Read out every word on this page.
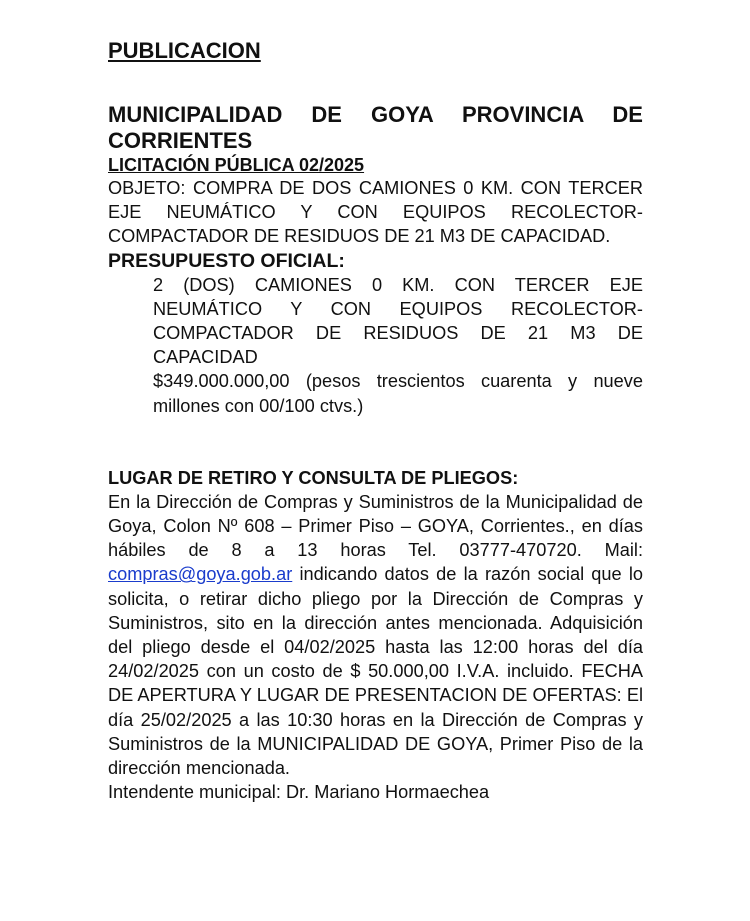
PUBLICACION

MUNICIPALIDAD DE GOYA PROVINCIA DE CORRIENTES

LICITACIÓN PÚBLICA 02/2025

OBJETO: COMPRA DE DOS CAMIONES 0 KM. CON TERCER EJE NEUMÁTICO Y CON EQUIPOS RECOLECTOR-COMPACTADOR DE RESIDUOS DE 21 M3 DE CAPACIDAD.

PRESUPUESTO OFICIAL:

2 (DOS) CAMIONES 0 KM. CON TERCER EJE NEUMÁTICO Y CON EQUIPOS RECOLECTOR-COMPACTADOR DE RESIDUOS DE 21 M3 DE CAPACIDAD

$349.000.000,00 (pesos trescientos cuarenta y nueve millones con 00/100 ctvs.)

LUGAR DE RETIRO Y CONSULTA DE PLIEGOS:

En la Dirección de Compras y Suministros de la Municipalidad de Goya, Colon Nº 608 – Primer Piso – GOYA, Corrientes., en días hábiles de 8 a 13 horas Tel. 03777-470720. Mail: compras@goya.gob.ar indicando datos de la razón social que lo solicita, o retirar dicho pliego por la Dirección de Compras y Suministros, sito en la dirección antes mencionada. Adquisición del pliego desde el 04/02/2025 hasta las 12:00 horas del día 24/02/2025 con un costo de $ 50.000,00 I.V.A. incluido. FECHA DE APERTURA Y LUGAR DE PRESENTACION DE OFERTAS: El día 25/02/2025 a las 10:30 horas en la Dirección de Compras y Suministros de la MUNICIPALIDAD DE GOYA, Primer Piso de la dirección mencionada.

Intendente municipal: Dr. Mariano Hormaechea
